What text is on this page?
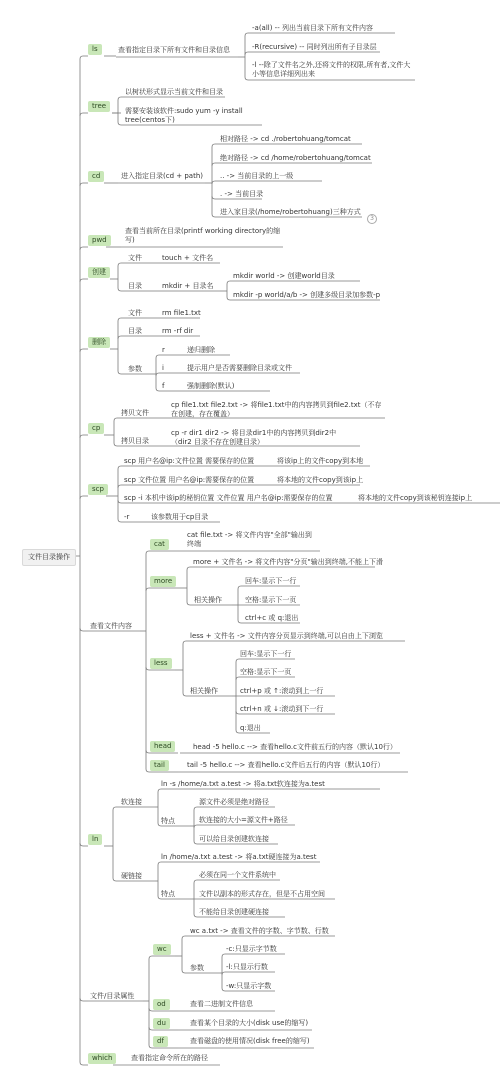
文件目录操作
ls	查看指定目录下所有文件和目录信息
-a(all) -- 列出当前目录下所有文件内容
-R(recursive) -- 同时列出所有子目录层
-l --除了文件名之外,还将文件的权限,所有者,文件大小等信息详细列出来
tree
以树状形式显示当前文件和目录
需要安装该软件:sudo yum -y install tree(centos下)
cd	进入指定目录(cd + path)
相对路径 -> cd ./robertohuang/tomcat
绝对路径 -> cd /home/robertohuang/tomcat
.. -> 当前目录的上一级
. -> 当前目录
进入家目录(/home/robertohuang)三种方式
3
pwd
查看当前所在目录(printf working directory的缩写)
创建
文件	touch + 文件名
目录	mkdir + 目录名
mkdir world -> 创建world目录
mkdir -p world/a/b -> 创建多级目录加参数-p
删除
文件	rm file1.txt
目录	rm -rf dir
参数
r	递归删除
i	提示用户是否需要删除目录或文件
f	强制删除(默认)
cp
拷贝文件
cp file1.txt file2.txt -> 将file1.txt中的内容拷贝到file2.txt（不存在创建，存在覆盖）
拷贝目录
cp -r dir1 dir2 -> 将目录dir1中的内容拷贝到dir2中（dir2 目录不存在创建目录）
scp
scp 用户名@ip:文件位置 需要保存的位置	将该ip上的文件copy到本地
scp 文件位置 用户名@ip:需要保存的位置	将本地的文件copy到该ip上
scp -i 本机中该ip的秘钥位置 文件位置 用户名@ip:需要保存的位置	将本地的文件copy到该秘钥连接ip上
-r	该参数用于cp目录
查看文件内容
cat
cat file.txt -> 将文件内容"全部"输出到终端
more
more + 文件名 -> 将文件内容"分页"输出到终端,不能上下滑
相关操作
回车:显示下一行
空格:显示下一页
ctrl+c 或 q:退出
less
less + 文件名 -> 文件内容分页显示到终端,可以自由上下浏览
相关操作
回车:显示下一行
空格:显示下一页
ctrl+p 或 ↑:滚动到上一行
ctrl+n 或 ↓:滚动到下一行
q:退出
head	head -5 hello.c --> 查看hello.c文件前五行的内容（默认10行）
tail	tail -5 hello.c --> 查看hello.c文件后五行的内容（默认10行）
ln
软连接
ln -s /home/a.txt a.test -> 将a.txt软连接为a.test
特点
源文件必须是绝对路径
软连接的大小=源文件+路径
可以给目录创建软连接
硬链接
ln /home/a.txt a.test -> 将a.txt硬连接为a.test
特点
必须在同一个文件系统中
文件以副本的形式存在，但是不占用空间
不能给目录创建硬连接
文件/目录属性
wc
wc a.txt -> 查看文件的字数、字节数、行数
参数
-c:只显示字节数
-l:只显示行数
-w:只显示字数
od	查看二进制文件信息
du	查看某个目录的大小(disk use的缩写)
df	查看磁盘的使用情况(disk free的缩写)
which	查看指定命令所在的路径
